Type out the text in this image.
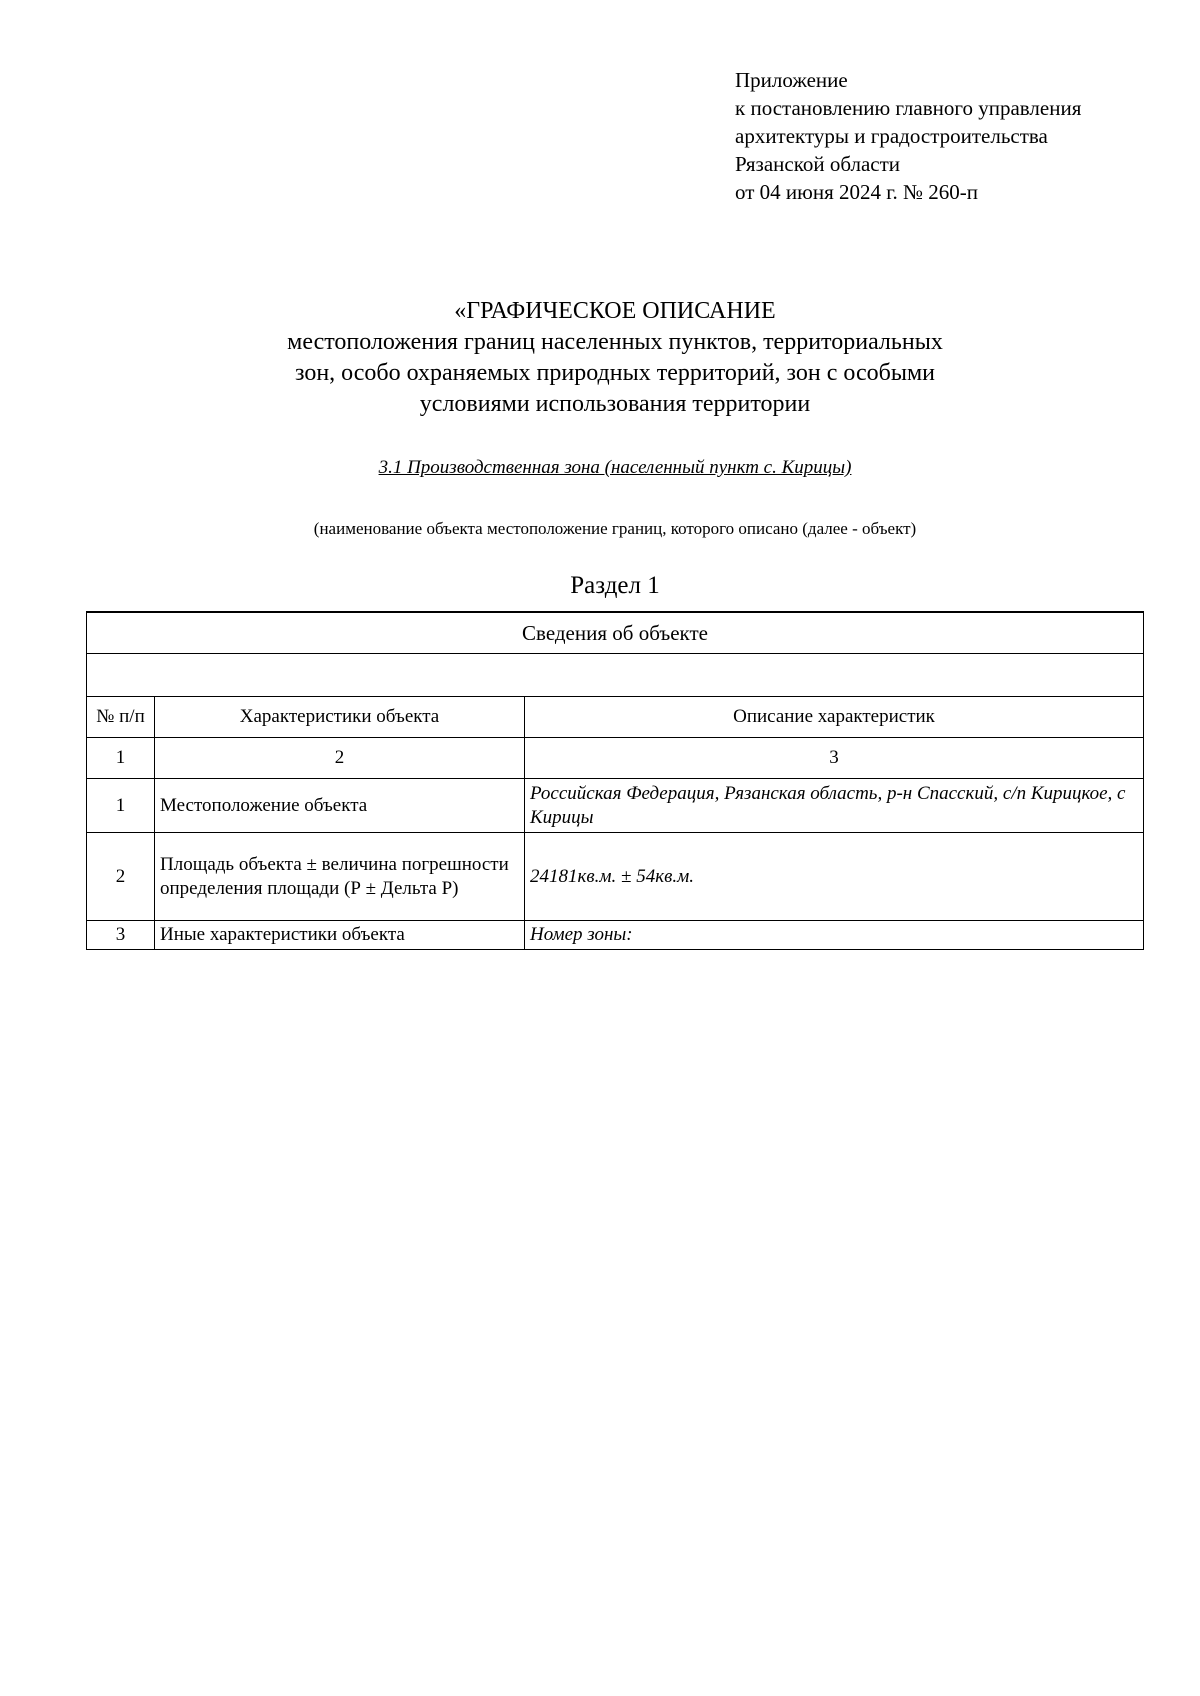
Приложение
к постановлению главного управления
архитектуры и градостроительства
Рязанской области
от 04 июня 2024 г. № 260-п
«ГРАФИЧЕСКОЕ ОПИСАНИЕ
местоположения границ населенных пунктов, территориальных
зон, особо охраняемых природных территорий, зон с особыми
условиями использования территории
3.1 Производственная зона (населенный пункт с. Кирицы)
(наименование объекта местоположение границ, которого описано (далее - объект)
Раздел 1
Сведения об объекте		

№ п/п	Характеристики объекта	Описание характеристик
1	2	3
1	Местоположение объекта	Российская Федерация, Рязанская область, р-н Спасский, с/п Кирицкое, с Кирицы
2	Площадь объекта ± величина погрешности определения площади (Р ± Дельта Р)	24181кв.м. ± 54кв.м.
3	Иные характеристики объекта	Номер зоны:
